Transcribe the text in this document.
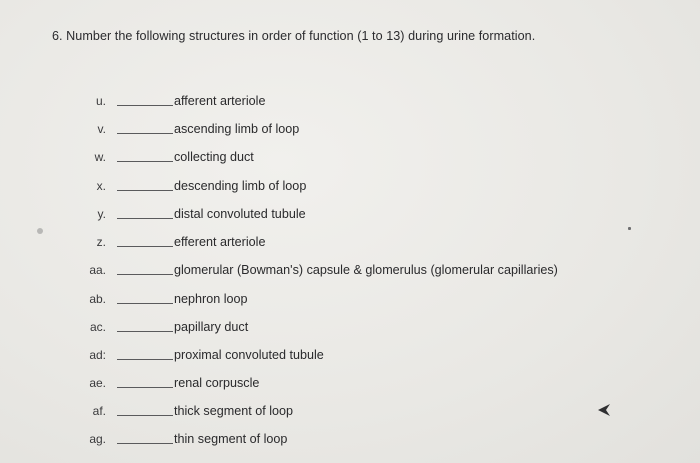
6. Number the following structures in order of function (1 to 13) during urine formation.
u.	afferent arteriole
v.	ascending limb of loop
w.	collecting duct
x.	descending limb of loop
y.	distal convoluted tubule
z.	efferent arteriole
aa.	glomerular (Bowman's) capsule & glomerulus (glomerular capillaries)
ab.	nephron loop
ac.	papillary duct
ad:	proximal convoluted tubule
ae.	renal corpuscle
af.	thick segment of loop
ag.	thin segment of loop
